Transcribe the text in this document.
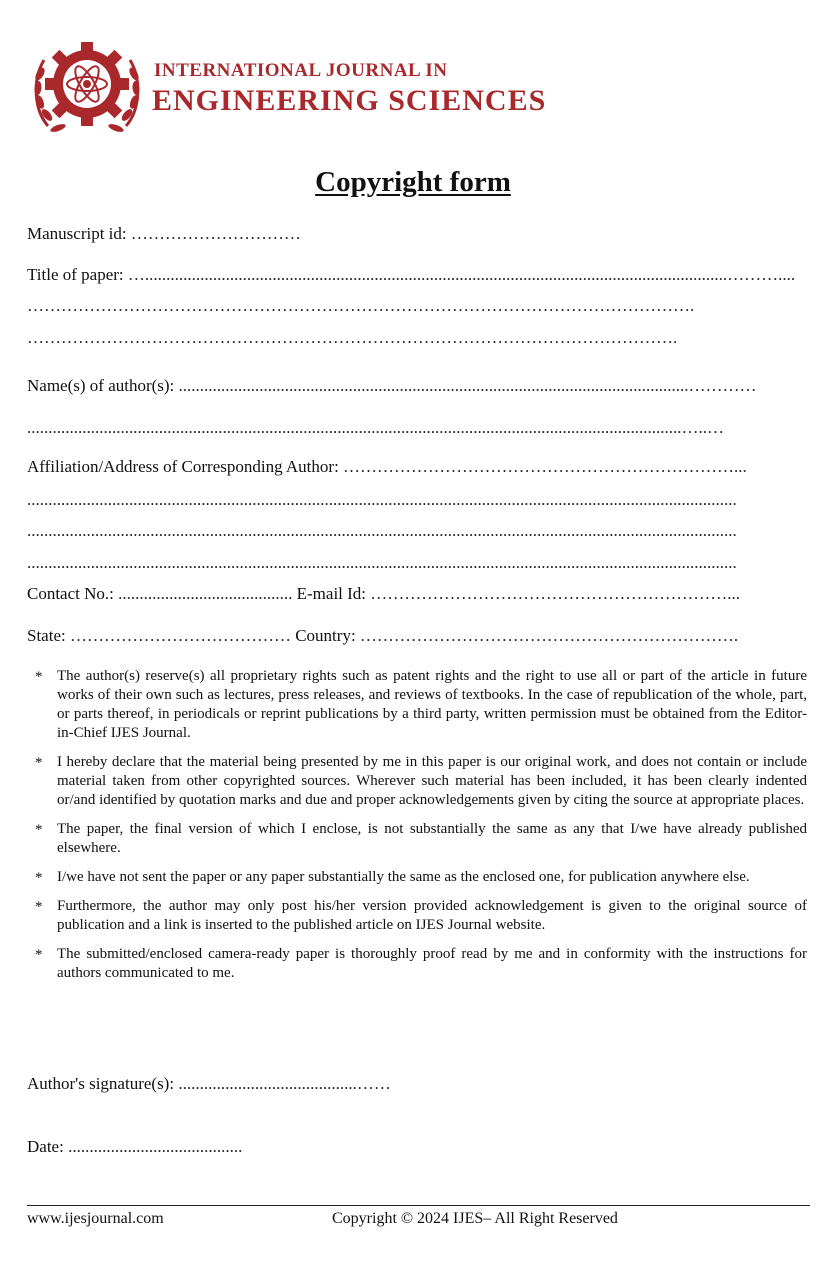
INTERNATIONAL JOURNAL IN
ENGINEERING SCIENCES
Copyright form
Manuscript id: …………………………
Title of paper: ….........................................................................................................................................………....
……………………………………………………………………………………………………….
…………………………………………………………………………………………………….
Name(s) of author(s): ........................................................................................................................…………
..........................................................................................................................................................…..…
Affiliation/Address of Corresponding Author: ……………………………………………………………...
.......................................................................................................................................................................
.......................................................................................................................................................................
.......................................................................................................................................................................
Contact No.: ......................................... E-mail Id: ………………………………………………………...
State: ………………………………… Country: ………………………………………………………….
* The author(s) reserve(s) all proprietary rights such as patent rights and the right to use all or part of the article in future works of their own such as lectures, press releases, and reviews of textbooks. In the case of republication of the whole, part, or parts thereof, in periodicals or reprint publications by a third party, written permission must be obtained from the Editor-in-Chief IJES Journal.
* I hereby declare that the material being presented by me in this paper is our original work, and does not contain or include material taken from other copyrighted sources. Wherever such material has been included, it has been clearly indented or/and identified by quotation marks and due and proper acknowledgements given by citing the source at appropriate places.
* The paper, the final version of which I enclose, is not substantially the same as any that I/we have already published elsewhere.
* I/we have not sent the paper or any paper substantially the same as the enclosed one, for publication anywhere else.
* Furthermore, the author may only post his/her version provided acknowledgement is given to the original source of publication and a link is inserted to the published article on IJES Journal website.
* The submitted/enclosed camera-ready paper is thoroughly proof read by me and in conformity with the instructions for authors communicated to me.
Author's signature(s): ..........................................……
Date: .........................................
www.ijesjournal.com	Copyright © 2024 IJES– All Right Reserved
